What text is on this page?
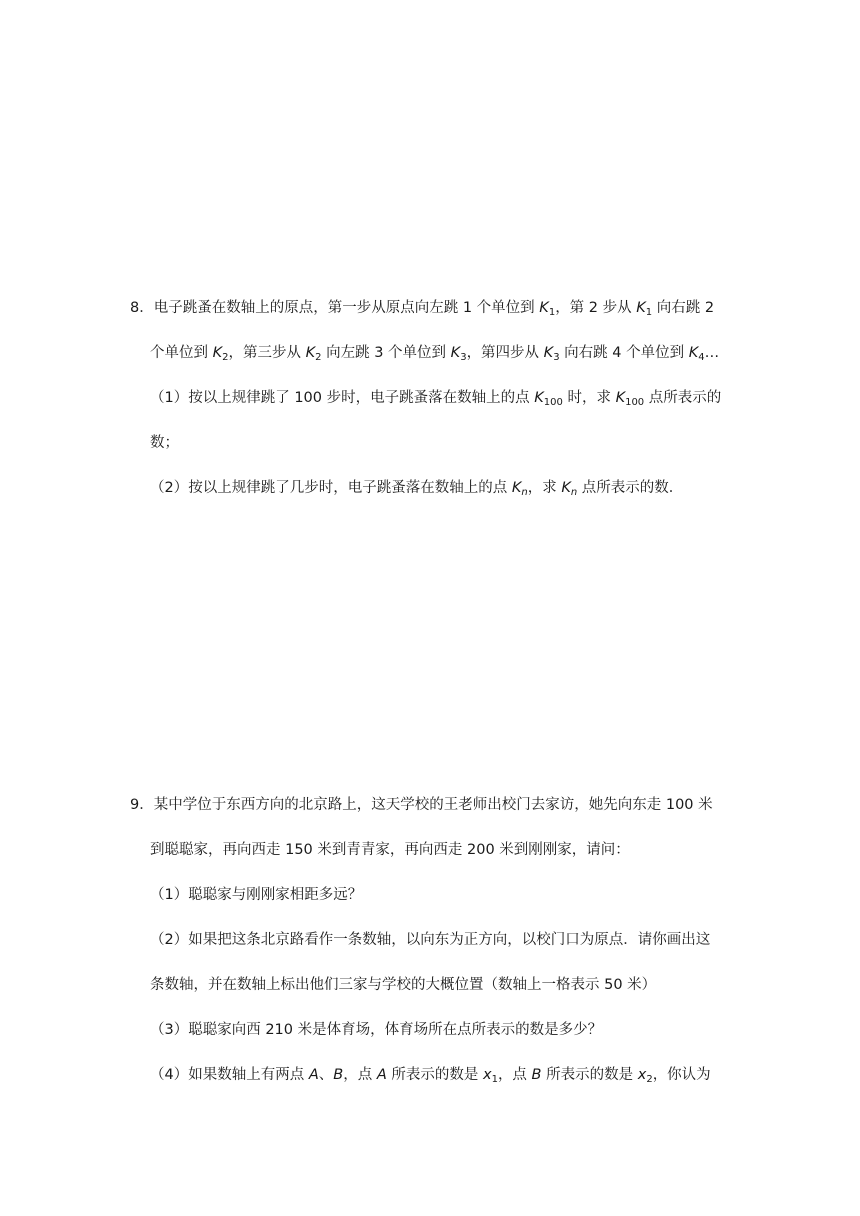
8．电子跳蚤在数轴上的原点，第一步从原点向左跳 1 个单位到 $K_1$，第 2 步从 $K_1$ 向右跳 2
个单位到 $K_2$，第三步从 $K_2$ 向左跳 3 个单位到 $K_3$，第四步从 $K_3$ 向右跳 4 个单位到 $K_4\dots$
（1）按以上规律跳了 100 步时，电子跳蚤落在数轴上的点 $K_{100}$ 时，求 $K_{100}$ 点所表示的
数；
（2）按以上规律跳了几步时，电子跳蚤落在数轴上的点 $K_n$，求 $K_n$ 点所表示的数．
9．某中学位于东西方向的北京路上，这天学校的王老师出校门去家访，她先向东走 100 米
到聪聪家，再向西走 150 米到青青家，再向西走 200 米到刚刚家，请问：
（1）聪聪家与刚刚家相距多远？
（2）如果把这条北京路看作一条数轴，以向东为正方向，以校门口为原点．请你画出这
条数轴，并在数轴上标出他们三家与学校的大概位置（数轴上一格表示 50 米）
（3）聪聪家向西 210 米是体育场，体育场所在点所表示的数是多少？
（4）如果数轴上有两点 A、B，点 A 所表示的数是 $x_1$，点 B 所表示的数是 $x_2$，你认为
